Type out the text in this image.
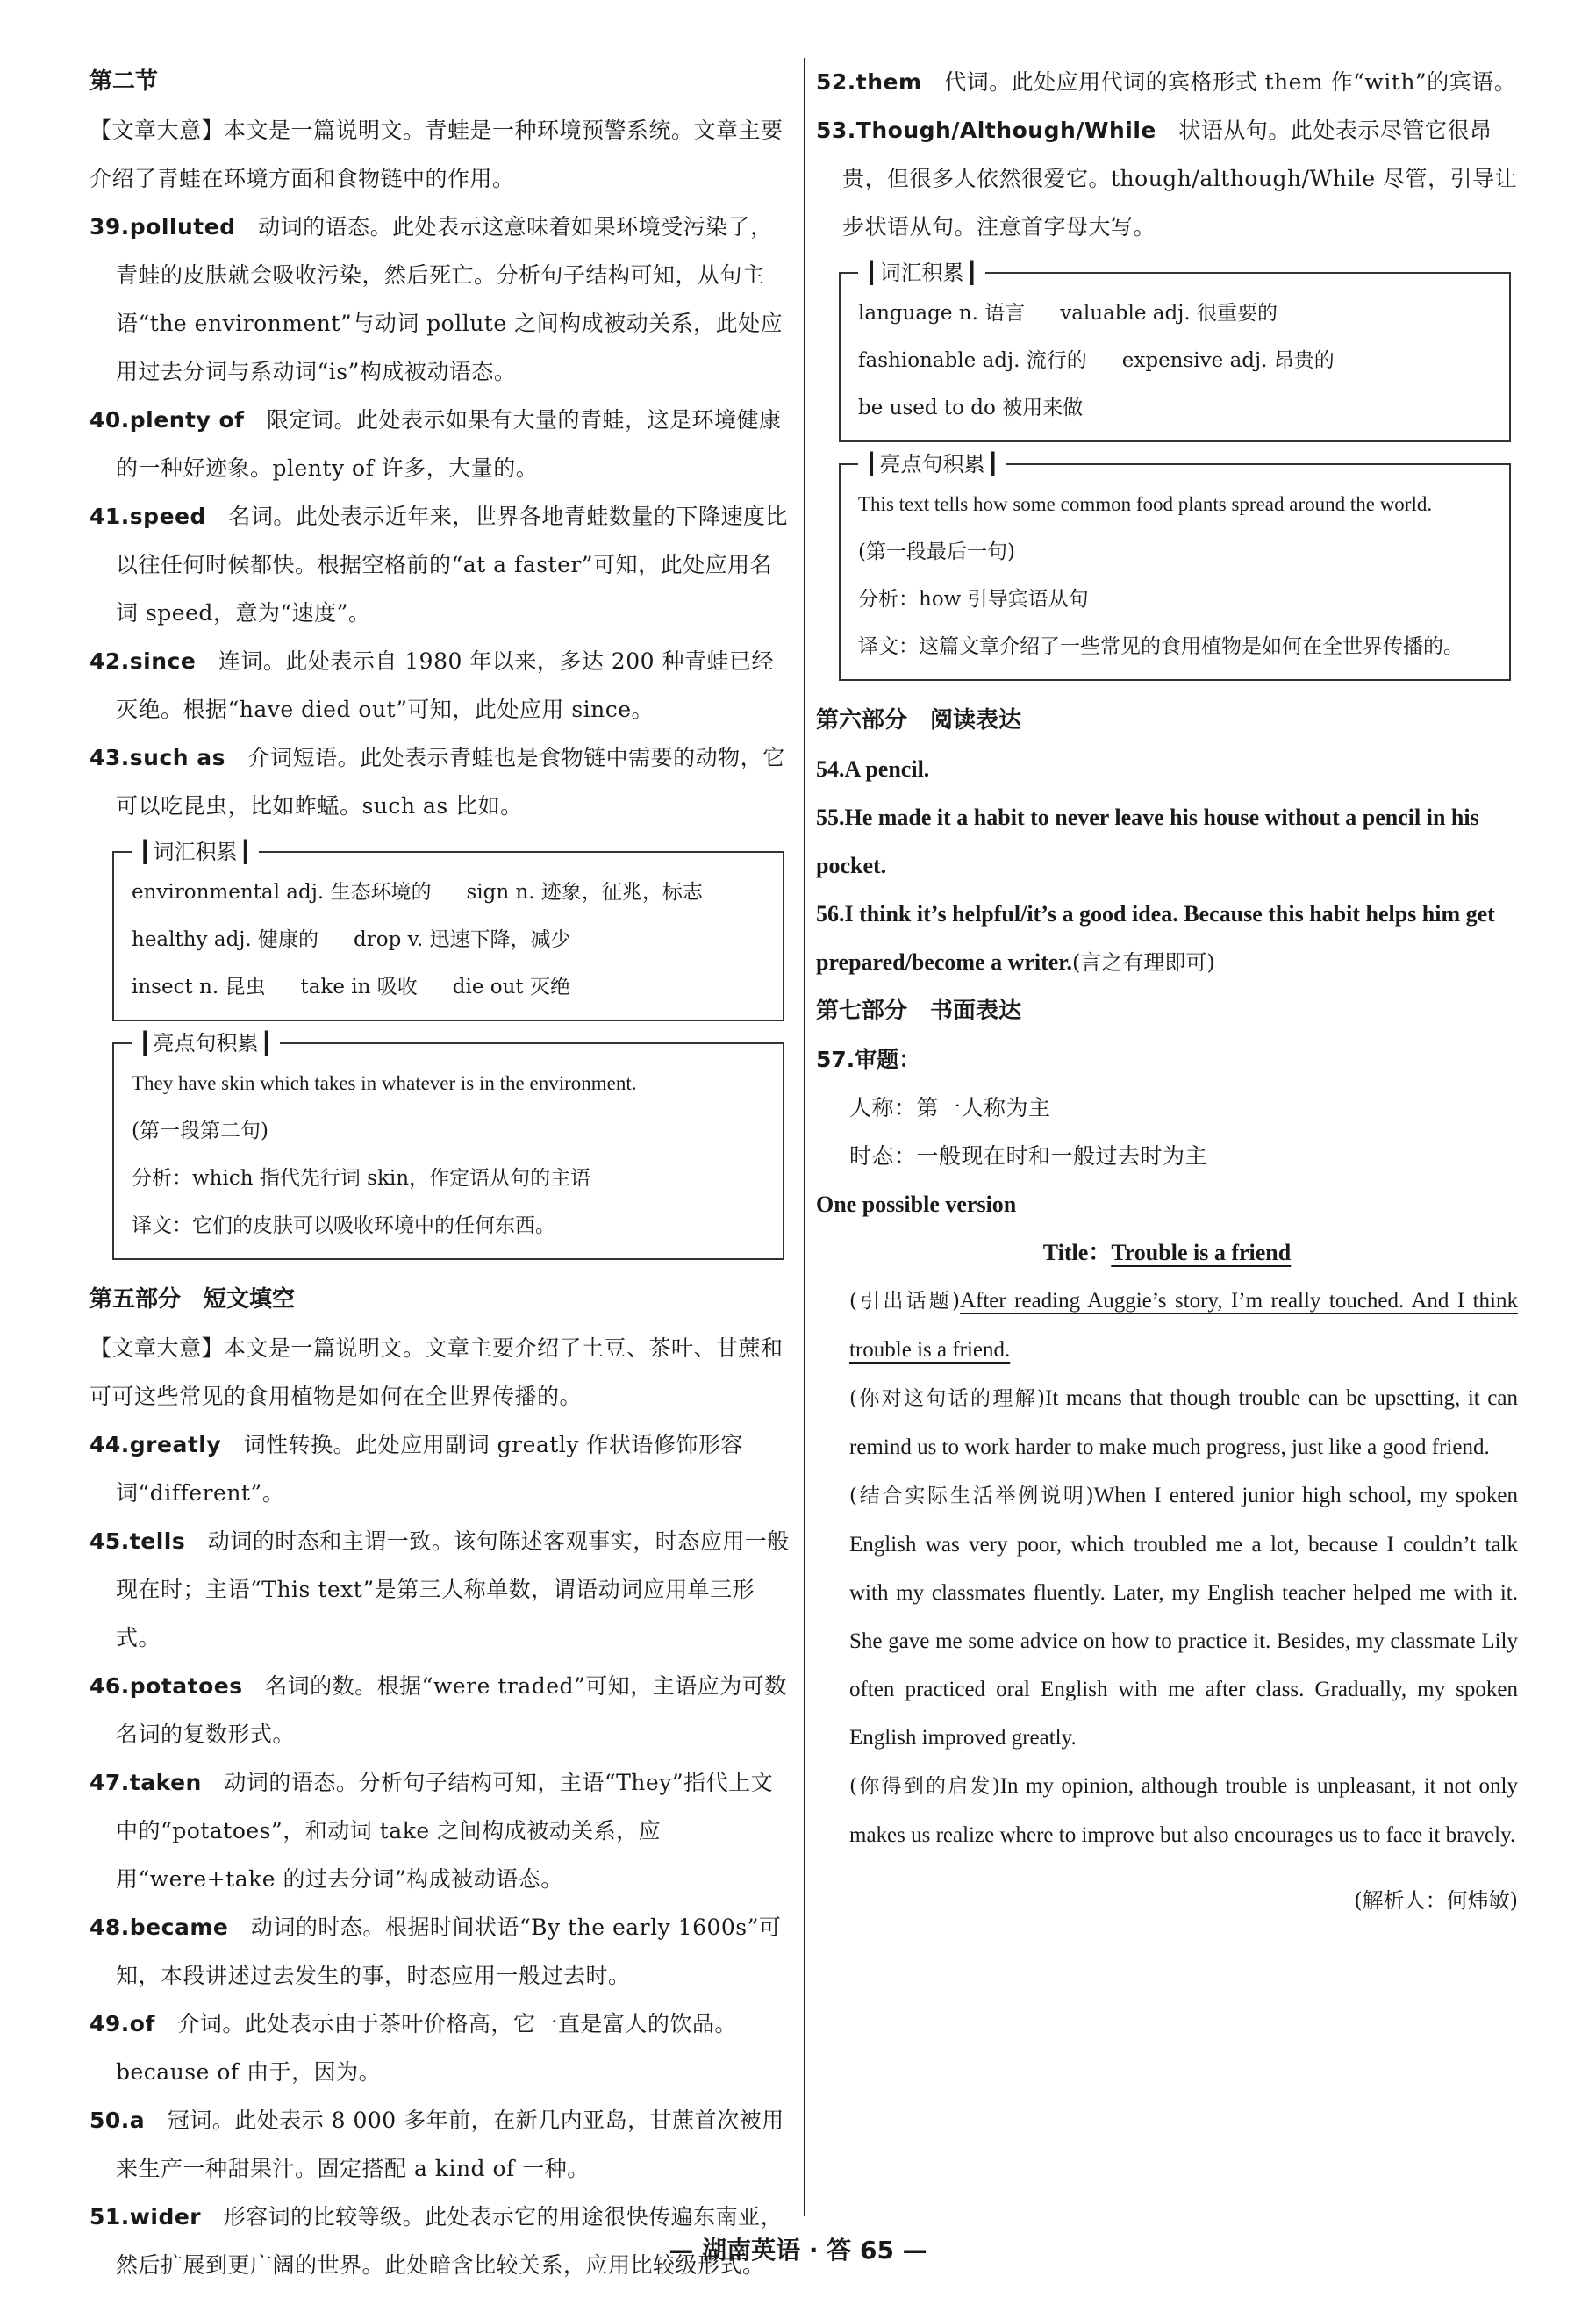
第二节

【文章大意】本文是一篇说明文。青蛙是一种环境预警系统。文章主要介绍了青蛙在环境方面和食物链中的作用。

39.polluted　 动词的语态。此处表示这意味着如果环境受污染了，青蛙的皮肤就会吸收污染，然后死亡。分析句子结构可知，从句主语“the environment”与动词 pollute 之间构成被动关系，此处应用过去分词与系动词“is”构成被动语态。

40.plenty of　 限定词。此处表示如果有大量的青蛙，这是环境健康的一种好迹象。plenty of 许多，大量的。

41.speed　 名词。此处表示近年来，世界各地青蛙数量的下降速度比以往任何时候都快。根据空格前的“at a faster”可知，此处应用名词 speed，意为“速度”。

42.since　 连词。此处表示自 1980 年以来，多达 200 种青蛙已经灭绝。根据“have died out”可知，此处应用 since。

43.such as　 介词短语。此处表示青蛙也是食物链中需要的动物，它可以吃昆虫，比如蚱蜢。such as 比如。

┃ 词汇积累 ┃

environmental adj. 生态环境的 sign n. 迹象，征兆，标志

healthy adj. 健康的 drop v. 迅速下降，减少

insect n. 昆虫 take in 吸收 die out 灭绝

┃ 亮点句积累 ┃

They have skin which takes in whatever is in the environment.

(第一段第二句)

分析：which 指代先行词 skin，作定语从句的主语

译文：它们的皮肤可以吸收环境中的任何东西。

第五部分　短文填空

【文章大意】本文是一篇说明文。文章主要介绍了土豆、茶叶、甘蔗和可可这些常见的食用植物是如何在全世界传播的。

44.greatly　 词性转换。此处应用副词 greatly 作状语修饰形容词“different”。

45.tells　 动词的时态和主谓一致。该句陈述客观事实，时态应用一般现在时；主语“This text”是第三人称单数，谓语动词应用单三形式。

46.potatoes　 名词的数。根据“were traded”可知，主语应为可数名词的复数形式。

47.taken　 动词的语态。分析句子结构可知，主语“They”指代上文中的“potatoes”，和动词 take 之间构成被动关系，应用“were+take 的过去分词”构成被动语态。

48.became　 动词的时态。根据时间状语“By the early 1600s”可知，本段讲述过去发生的事，时态应用一般过去时。

49.of　 介词。此处表示由于茶叶价格高，它一直是富人的饮品。because of 由于，因为。

50.a　 冠词。此处表示 8 000 多年前，在新几内亚岛，甘蔗首次被用来生产一种甜果汁。固定搭配 a kind of 一种。

51.wider　 形容词的比较等级。此处表示它的用途很快传遍东南亚，然后扩展到更广阔的世界。此处暗含比较关系，应用比较级形式。

52.them　 代词。此处应用代词的宾格形式 them 作“with”的宾语。

53.Though/Although/While　 状语从句。此处表示尽管它很昂贵，但很多人依然很爱它。though/although/While 尽管，引导让步状语从句。注意首字母大写。

┃ 词汇积累 ┃

language n. 语言 valuable adj. 很重要的

fashionable adj. 流行的 expensive adj. 昂贵的

be used to do 被用来做

┃ 亮点句积累 ┃

This text tells how some common food plants spread around the world.

(第一段最后一句)

分析：how 引导宾语从句

译文：这篇文章介绍了一些常见的食用植物是如何在全世界传播的。

第六部分　阅读表达

54.A pencil.

55.He made it a habit to never leave his house without a pencil in his pocket.

56.I think it’s helpful/it’s a good idea. Because this habit helps him get prepared/become a writer.(言之有理即可)

第七部分　书面表达

57.审题：

人称：第一人称为主

时态：一般现在时和一般过去时为主

One possible version

Title：Trouble is a friend

(引出话题)After reading Auggie’s story, I’m really touched. And I think trouble is a friend.

(你对这句话的理解)It means that though trouble can be upsetting, it can remind us to work harder to make much progress, just like a good friend.

(结合实际生活举例说明)When I entered junior high school, my spoken English was very poor, which troubled me a lot, because I couldn’t talk with my classmates fluently. Later, my English teacher helped me with it. She gave me some advice on how to practice it. Besides, my classmate Lily often practiced oral English with me after class. Gradually, my spoken English improved greatly.

(你得到的启发)In my opinion, although trouble is unpleasant, it not only makes us realize where to improve but also encourages us to face it bravely.

(解析人：何炜敏)

— 湖南英语 · 答 65 —
